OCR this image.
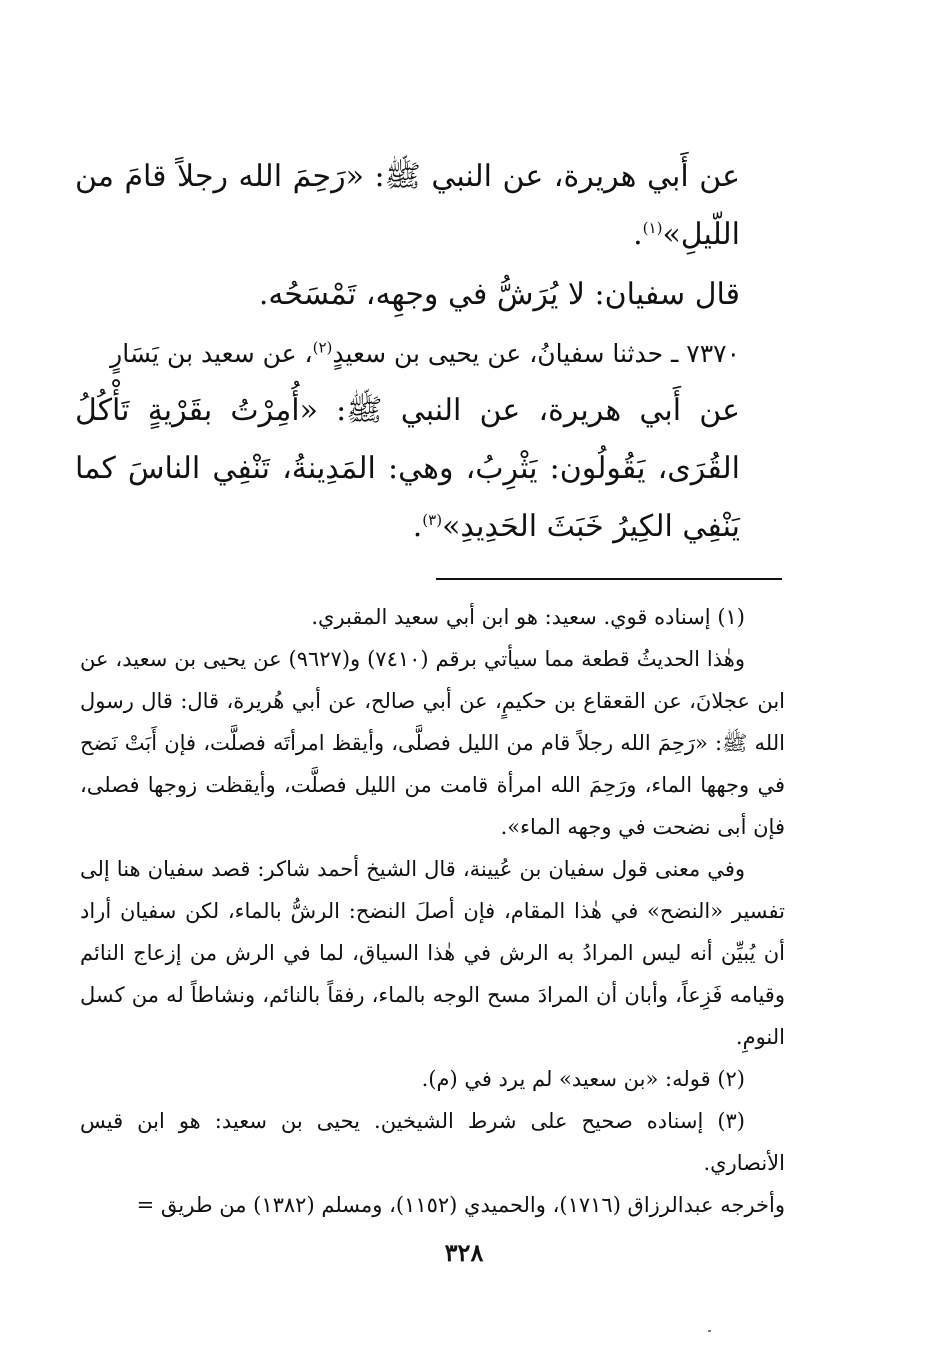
عن أَبي هريرة، عن النبي ﷺ: «رَحِمَ الله رجلاً قامَ من اللّيلِ»$^{(١)}$.

قال سفيان: لا يُرَشُّ في وجهِه، تَمْسَحُه.

٧٣٧٠ ـ حدثنا سفيانُ، عن يحيى بن سعيدٍ$^{(٢)}$، عن سعيد بن يَسَارٍ

عن أَبي هريرة، عن النبي ﷺ: «أُمِرْتُ بقَرْيةٍ تَأْكُلُ القُرَى، يَقُولُون: يَثْرِبُ، وهي: المَدِينةُ، تَنْفِي الناسَ كما يَنْفِي الكِيرُ خَبَثَ الحَدِيدِ»$^{(٣)}$.

(١) إسناده قوي. سعيد: هو ابن أبي سعيد المقبري.

وهٰذا الحديثُ قطعة مما سيأتي برقم (٧٤١٠) و(٩٦٢٧) عن يحيى بن سعيد، عن ابن عجلانَ، عن القعقاع بن حكيمٍ، عن أبي صالح، عن أبي هُريرة، قال: قال رسول الله ﷺ: «رَحِمَ الله رجلاً قام من الليل فصلَّى، وأيقظ امرأتَه فصلَّت، فإن أَبَتْ نَضح في وجهها الماء، ورَحِمَ الله امرأة قامت من الليل فصلَّت، وأيقظت زوجها فصلى، فإن أبى نضحت في وجهه الماء».

وفي معنى قول سفيان بن عُيينة، قال الشيخ أحمد شاكر: قصد سفيان هنا إلى تفسير «النضح» في هٰذا المقام، فإن أصلَ النضح: الرشُّ بالماء، لكن سفيان أراد أن يُبيِّن أنه ليس المرادُ به الرش في هٰذا السياق، لما في الرش من إزعاج النائم وقيامه فَزِعاً، وأبان أن المرادَ مسح الوجه بالماء، رفقاً بالنائم، ونشاطاً له من كسل النومِ.

(٢) قوله: «بن سعيد» لم يرد في (م).

(٣) إسناده صحيح على شرط الشيخين. يحيى بن سعيد: هو ابن قيس الأنصاري.

وأخرجه عبدالرزاق (١٧١٦)، والحميدي (١١٥٢)، ومسلم (١٣٨٢) من طريق =

٣٢٨
